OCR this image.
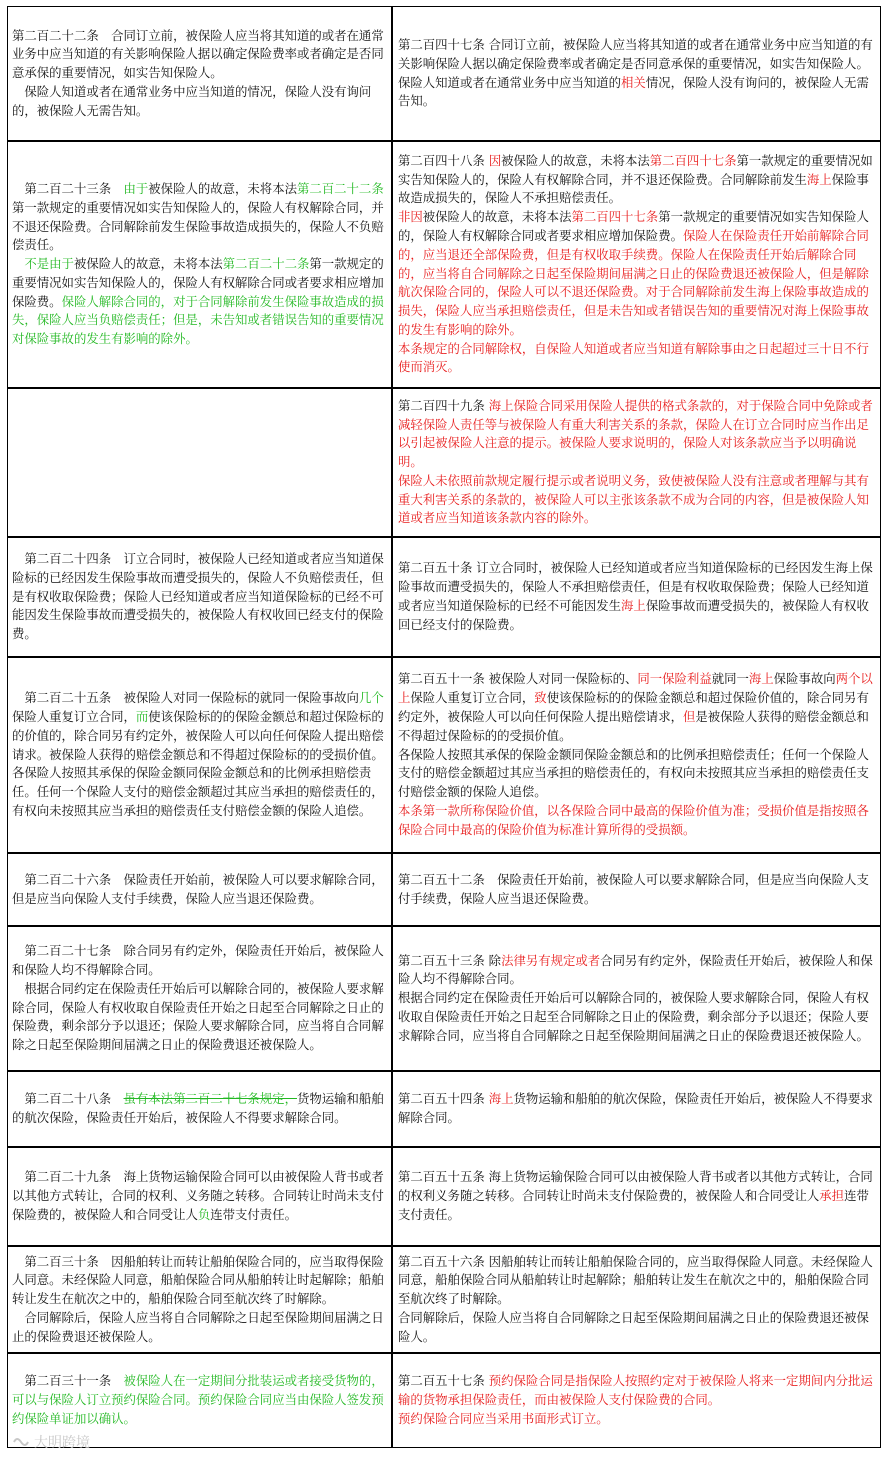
第二百二十二条　合同订立前，被保险人应当将其知道的或者在通常业务中应当知道的有关影响保险人据以确定保险费率或者确定是否同意承保的重要情况，如实告知保险人。

　保险人知道或者在通常业务中应当知道的情况，保险人没有询问的，被保险人无需告知。

第二百四十七条 合同订立前，被保险人应当将其知道的或者在通常业务中应当知道的有关影响保险人据以确定保险费率或者确定是否同意承保的重要情况，如实告知保险人。

保险人知道或者在通常业务中应当知道的相关情况，保险人没有询问的，被保险人无需告知。

　第二百二十三条　由于被保险人的故意，未将本法第二百二十二条第一款规定的重要情况如实告知保险人的，保险人有权解除合同，并不退还保险费。合同解除前发生保险事故造成损失的，保险人不负赔偿责任。

　不是由于被保险人的故意，未将本法第二百二十二条第一款规定的重要情况如实告知保险人的，保险人有权解除合同或者要求相应增加保险费。保险人解除合同的，对于合同解除前发生保险事故造成的损失，保险人应当负赔偿责任；但是，未告知或者错误告知的重要情况对保险事故的发生有影响的除外。

第二百四十八条 因被保险人的故意，未将本法第二百四十七条第一款规定的重要情况如实告知保险人的，保险人有权解除合同，并不退还保险费。合同解除前发生海上保险事故造成损失的，保险人不承担赔偿责任。

非因被保险人的故意，未将本法第二百四十七条第一款规定的重要情况如实告知保险人的，保险人有权解除合同或者要求相应增加保险费。保险人在保险责任开始前解除合同的，应当退还全部保险费，但是有权收取手续费。保险人在保险责任开始后解除合同的，应当将自合同解除之日起至保险期间届满之日止的保险费退还被保险人，但是解除航次保险合同的，保险人可以不退还保险费。对于合同解除前发生海上保险事故造成的损失，保险人应当承担赔偿责任，但是未告知或者错误告知的重要情况对海上保险事故的发生有影响的除外。

本条规定的合同解除权，自保险人知道或者应当知道有解除事由之日起超过三十日不行使而消灭。

第二百四十九条 海上保险合同采用保险人提供的格式条款的，对于保险合同中免除或者减轻保险人责任等与被保险人有重大利害关系的条款，保险人在订立合同时应当作出足以引起被保险人注意的提示。被保险人要求说明的，保险人对该条款应当予以明确说明。

保险人未依照前款规定履行提示或者说明义务，致使被保险人没有注意或者理解与其有重大利害关系的条款的，被保险人可以主张该条款不成为合同的内容，但是被保险人知道或者应当知道该条款内容的除外。

　第二百二十四条　订立合同时，被保险人已经知道或者应当知道保险标的已经因发生保险事故而遭受损失的，保险人不负赔偿责任，但是有权收取保险费；保险人已经知道或者应当知道保险标的已经不可能因发生保险事故而遭受损失的，被保险人有权收回已经支付的保险费。

第二百五十条 订立合同时，被保险人已经知道或者应当知道保险标的已经因发生海上保险事故而遭受损失的，保险人不承担赔偿责任，但是有权收取保险费；保险人已经知道或者应当知道保险标的已经不可能因发生海上保险事故而遭受损失的，被保险人有权收回已经支付的保险费。

　第二百二十五条　被保险人对同一保险标的就同一保险事故向几个保险人重复订立合同，而使该保险标的的保险金额总和超过保险标的的价值的，除合同另有约定外，被保险人可以向任何保险人提出赔偿请求。被保险人获得的赔偿金额总和不得超过保险标的的受损价值。各保险人按照其承保的保险金额同保险金额总和的比例承担赔偿责任。任何一个保险人支付的赔偿金额超过其应当承担的赔偿责任的，有权向未按照其应当承担的赔偿责任支付赔偿金额的保险人追偿。

第二百五十一条 被保险人对同一保险标的、同一保险利益就同一海上保险事故向两个以上保险人重复订立合同，致使该保险标的的保险金额总和超过保险价值的，除合同另有约定外，被保险人可以向任何保险人提出赔偿请求，但是被保险人获得的赔偿金额总和不得超过保险标的的受损价值。

各保险人按照其承保的保险金额同保险金额总和的比例承担赔偿责任；任何一个保险人支付的赔偿金额超过其应当承担的赔偿责任的，有权向未按照其应当承担的赔偿责任支付赔偿金额的保险人追偿。

本条第一款所称保险价值，以各保险合同中最高的保险价值为准；受损价值是指按照各保险合同中最高的保险价值为标准计算所得的受损额。

　第二百二十六条　保险责任开始前，被保险人可以要求解除合同，但是应当向保险人支付手续费，保险人应当退还保险费。

第二百五十二条　保险责任开始前，被保险人可以要求解除合同，但是应当向保险人支付手续费，保险人应当退还保险费。

　第二百二十七条　除合同另有约定外，保险责任开始后，被保险人和保险人均不得解除合同。

　根据合同约定在保险责任开始后可以解除合同的，被保险人要求解除合同，保险人有权收取自保险责任开始之日起至合同解除之日止的保险费，剩余部分予以退还；保险人要求解除合同，应当将自合同解除之日起至保险期间届满之日止的保险费退还被保险人。

第二百五十三条 除法律另有规定或者合同另有约定外，保险责任开始后，被保险人和保险人均不得解除合同。

根据合同约定在保险责任开始后可以解除合同的，被保险人要求解除合同，保险人有权收取自保险责任开始之日起至合同解除之日止的保险费，剩余部分予以退还；保险人要求解除合同，应当将自合同解除之日起至保险期间届满之日止的保险费退还被保险人。

　第二百二十八条　虽有本法第二百二十七条规定，货物运输和船舶的航次保险，保险责任开始后，被保险人不得要求解除合同。

第二百五十四条 海上货物运输和船舶的航次保险，保险责任开始后，被保险人不得要求解除合同。

　第二百二十九条　海上货物运输保险合同可以由被保险人背书或者以其他方式转让，合同的权利、义务随之转移。合同转让时尚未支付保险费的，被保险人和合同受让人负连带支付责任。

第二百五十五条 海上货物运输保险合同可以由被保险人背书或者以其他方式转让，合同的权利义务随之转移。合同转让时尚未支付保险费的，被保险人和合同受让人承担连带支付责任。

　第二百三十条　因船舶转让而转让船舶保险合同的，应当取得保险人同意。未经保险人同意，船舶保险合同从船舶转让时起解除；船舶转让发生在航次之中的，船舶保险合同至航次终了时解除。

　合同解除后，保险人应当将自合同解除之日起至保险期间届满之日止的保险费退还被保险人。

第二百五十六条 因船舶转让而转让船舶保险合同的，应当取得保险人同意。未经保险人同意，船舶保险合同从船舶转让时起解除；船舶转让发生在航次之中的，船舶保险合同至航次终了时解除。

合同解除后，保险人应当将自合同解除之日起至保险期间届满之日止的保险费退还被保险人。

　第二百三十一条　被保险人在一定期间分批装运或者接受货物的，可以与保险人订立预约保险合同。预约保险合同应当由保险人签发预约保险单证加以确认。

第二百五十七条 预约保险合同是指保险人按照约定对于被保险人将来一定期间内分批运输的货物承担保险责任，而由被保险人支付保险费的合同。

预约保险合同应当采用书面形式订立。

大明跨境
